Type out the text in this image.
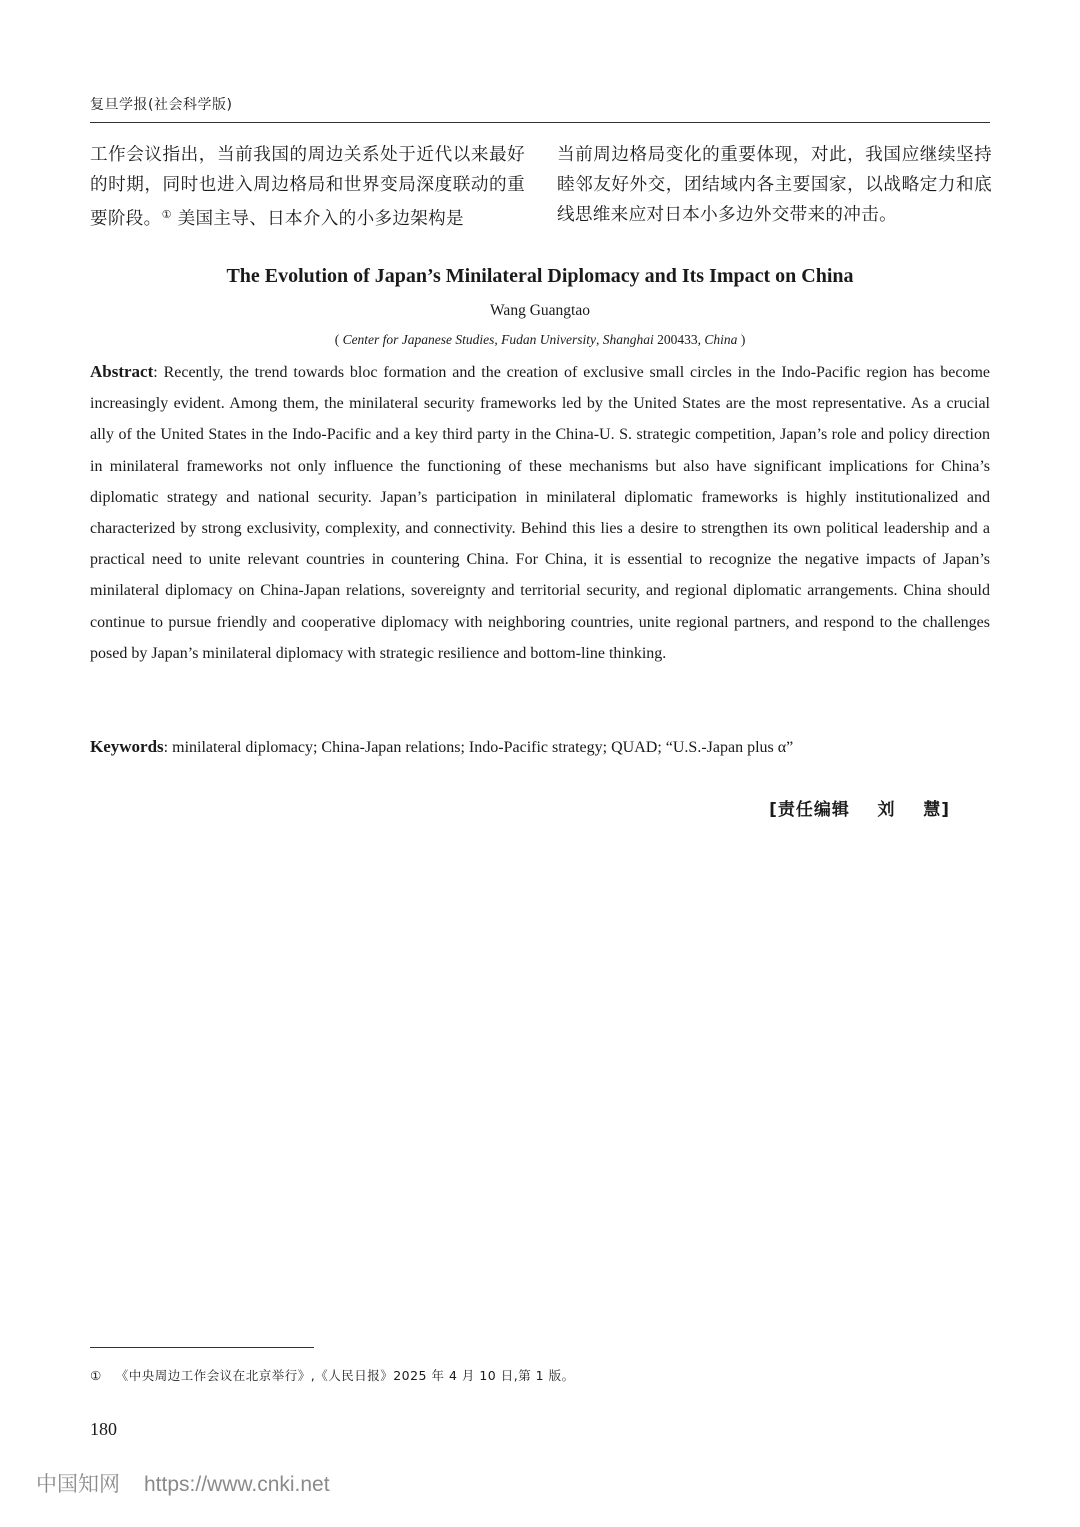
复旦学报(社会科学版)
工作会议指出，当前我国的周边关系处于近代以来最好的时期，同时也进入周边格局和世界变局深度联动的重要阶段。① 美国主导、日本介入的小多边架构是
当前周边格局变化的重要体现，对此，我国应继续坚持睦邻友好外交，团结域内各主要国家，以战略定力和底线思维来应对日本小多边外交带来的冲击。
The Evolution of Japan’s Minilateral Diplomacy and Its Impact on China
Wang Guangtao
( Center for Japanese Studies, Fudan University, Shanghai 200433, China )

Abstract: Recently, the trend towards bloc formation and the creation of exclusive small circles in the Indo-Pacific region has become increasingly evident. Among them, the minilateral security frameworks led by the United States are the most representative. As a crucial ally of the United States in the Indo-Pacific and a key third party in the China-U. S. strategic competition, Japan’s role and policy direction in minilateral frameworks not only influence the functioning of these mechanisms but also have significant implications for China’s diplomatic strategy and national security. Japan’s participation in minilateral diplomatic frameworks is highly institutionalized and characterized by strong exclusivity, complexity, and connectivity. Behind this lies a desire to strengthen its own political leadership and a practical need to unite relevant countries in countering China. For China, it is essential to recognize the negative impacts of Japan’s minilateral diplomacy on China-Japan relations, sovereignty and territorial security, and regional diplomatic arrangements. China should continue to pursue friendly and cooperative diplomacy with neighboring countries, unite regional partners, and respond to the challenges posed by Japan’s minilateral diplomacy with strategic resilience and bottom-line thinking.

Keywords: minilateral diplomacy; China-Japan relations; Indo-Pacific strategy; QUAD; “U.S.-Japan plus α”
[责任编辑    刘    慧]
① 《中央周边工作会议在北京举行》,《人民日报》2025 年 4 月 10 日,第 1 版。
180
中国知网 https://www.cnki.net
